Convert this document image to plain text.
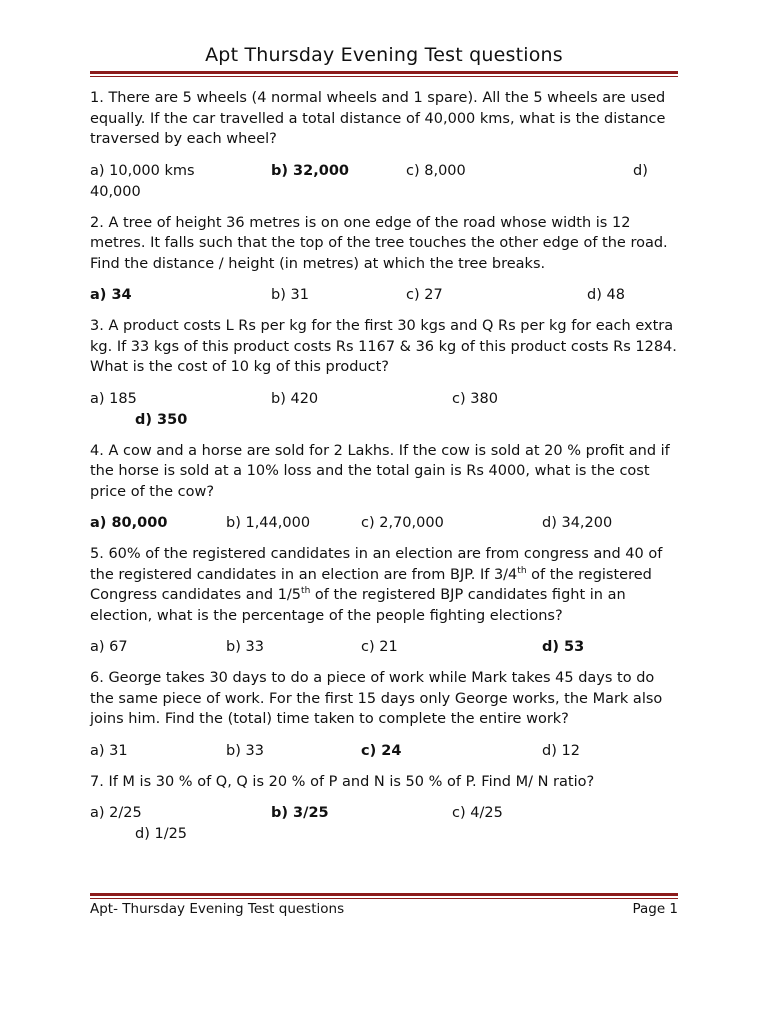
Apt Thursday Evening Test questions

1. There are 5 wheels (4 normal wheels and 1 spare). All the 5 wheels are used equally. If the car travelled a total distance of 40,000 kms, what is the distance traversed by each wheel?

a) 10,000 kms	b) 32,000	c) 8,000	d)
40,000

2. A tree of height 36 metres is on one edge of the road whose width is 12 metres. It falls such that the top of the tree touches the other edge of the road. Find the distance / height (in metres) at which the tree breaks.

a) 34	b) 31	c) 27	d) 48

3. A product costs L Rs per kg for the first 30 kgs and Q Rs per kg for each extra kg. If 33 kgs of this product costs Rs 1167 & 36 kg of this product costs Rs 1284. What is the cost of 10 kg of this product?

a) 185	b) 420	c) 380
d) 350

4. A cow and a horse are sold for 2 Lakhs. If the cow is sold at 20 % profit and if the horse is sold at a 10% loss and the total gain is Rs 4000, what is the cost price of the cow?

a) 80,000	b) 1,44,000	c) 2,70,000	d) 34,200

5. 60% of the registered candidates in an election are from congress and 40 of the registered candidates in an election are from BJP. If 3/4th of the registered Congress candidates and 1/5th of the registered BJP candidates fight in an election, what is the percentage of the people fighting elections?

a) 67	b) 33	c) 21	d) 53

6. George takes 30 days to do a piece of work while Mark takes 45 days to do the same piece of work. For the first 15 days only George works, the Mark also joins him. Find the (total) time taken to complete the entire work?

a) 31	b) 33	c) 24	d) 12

7. If M is 30 % of Q, Q is 20 % of P and N is 50 % of P. Find M/ N ratio?

a) 2/25	b) 3/25	c) 4/25
d) 1/25
Apt- Thursday Evening Test questions	Page 1
